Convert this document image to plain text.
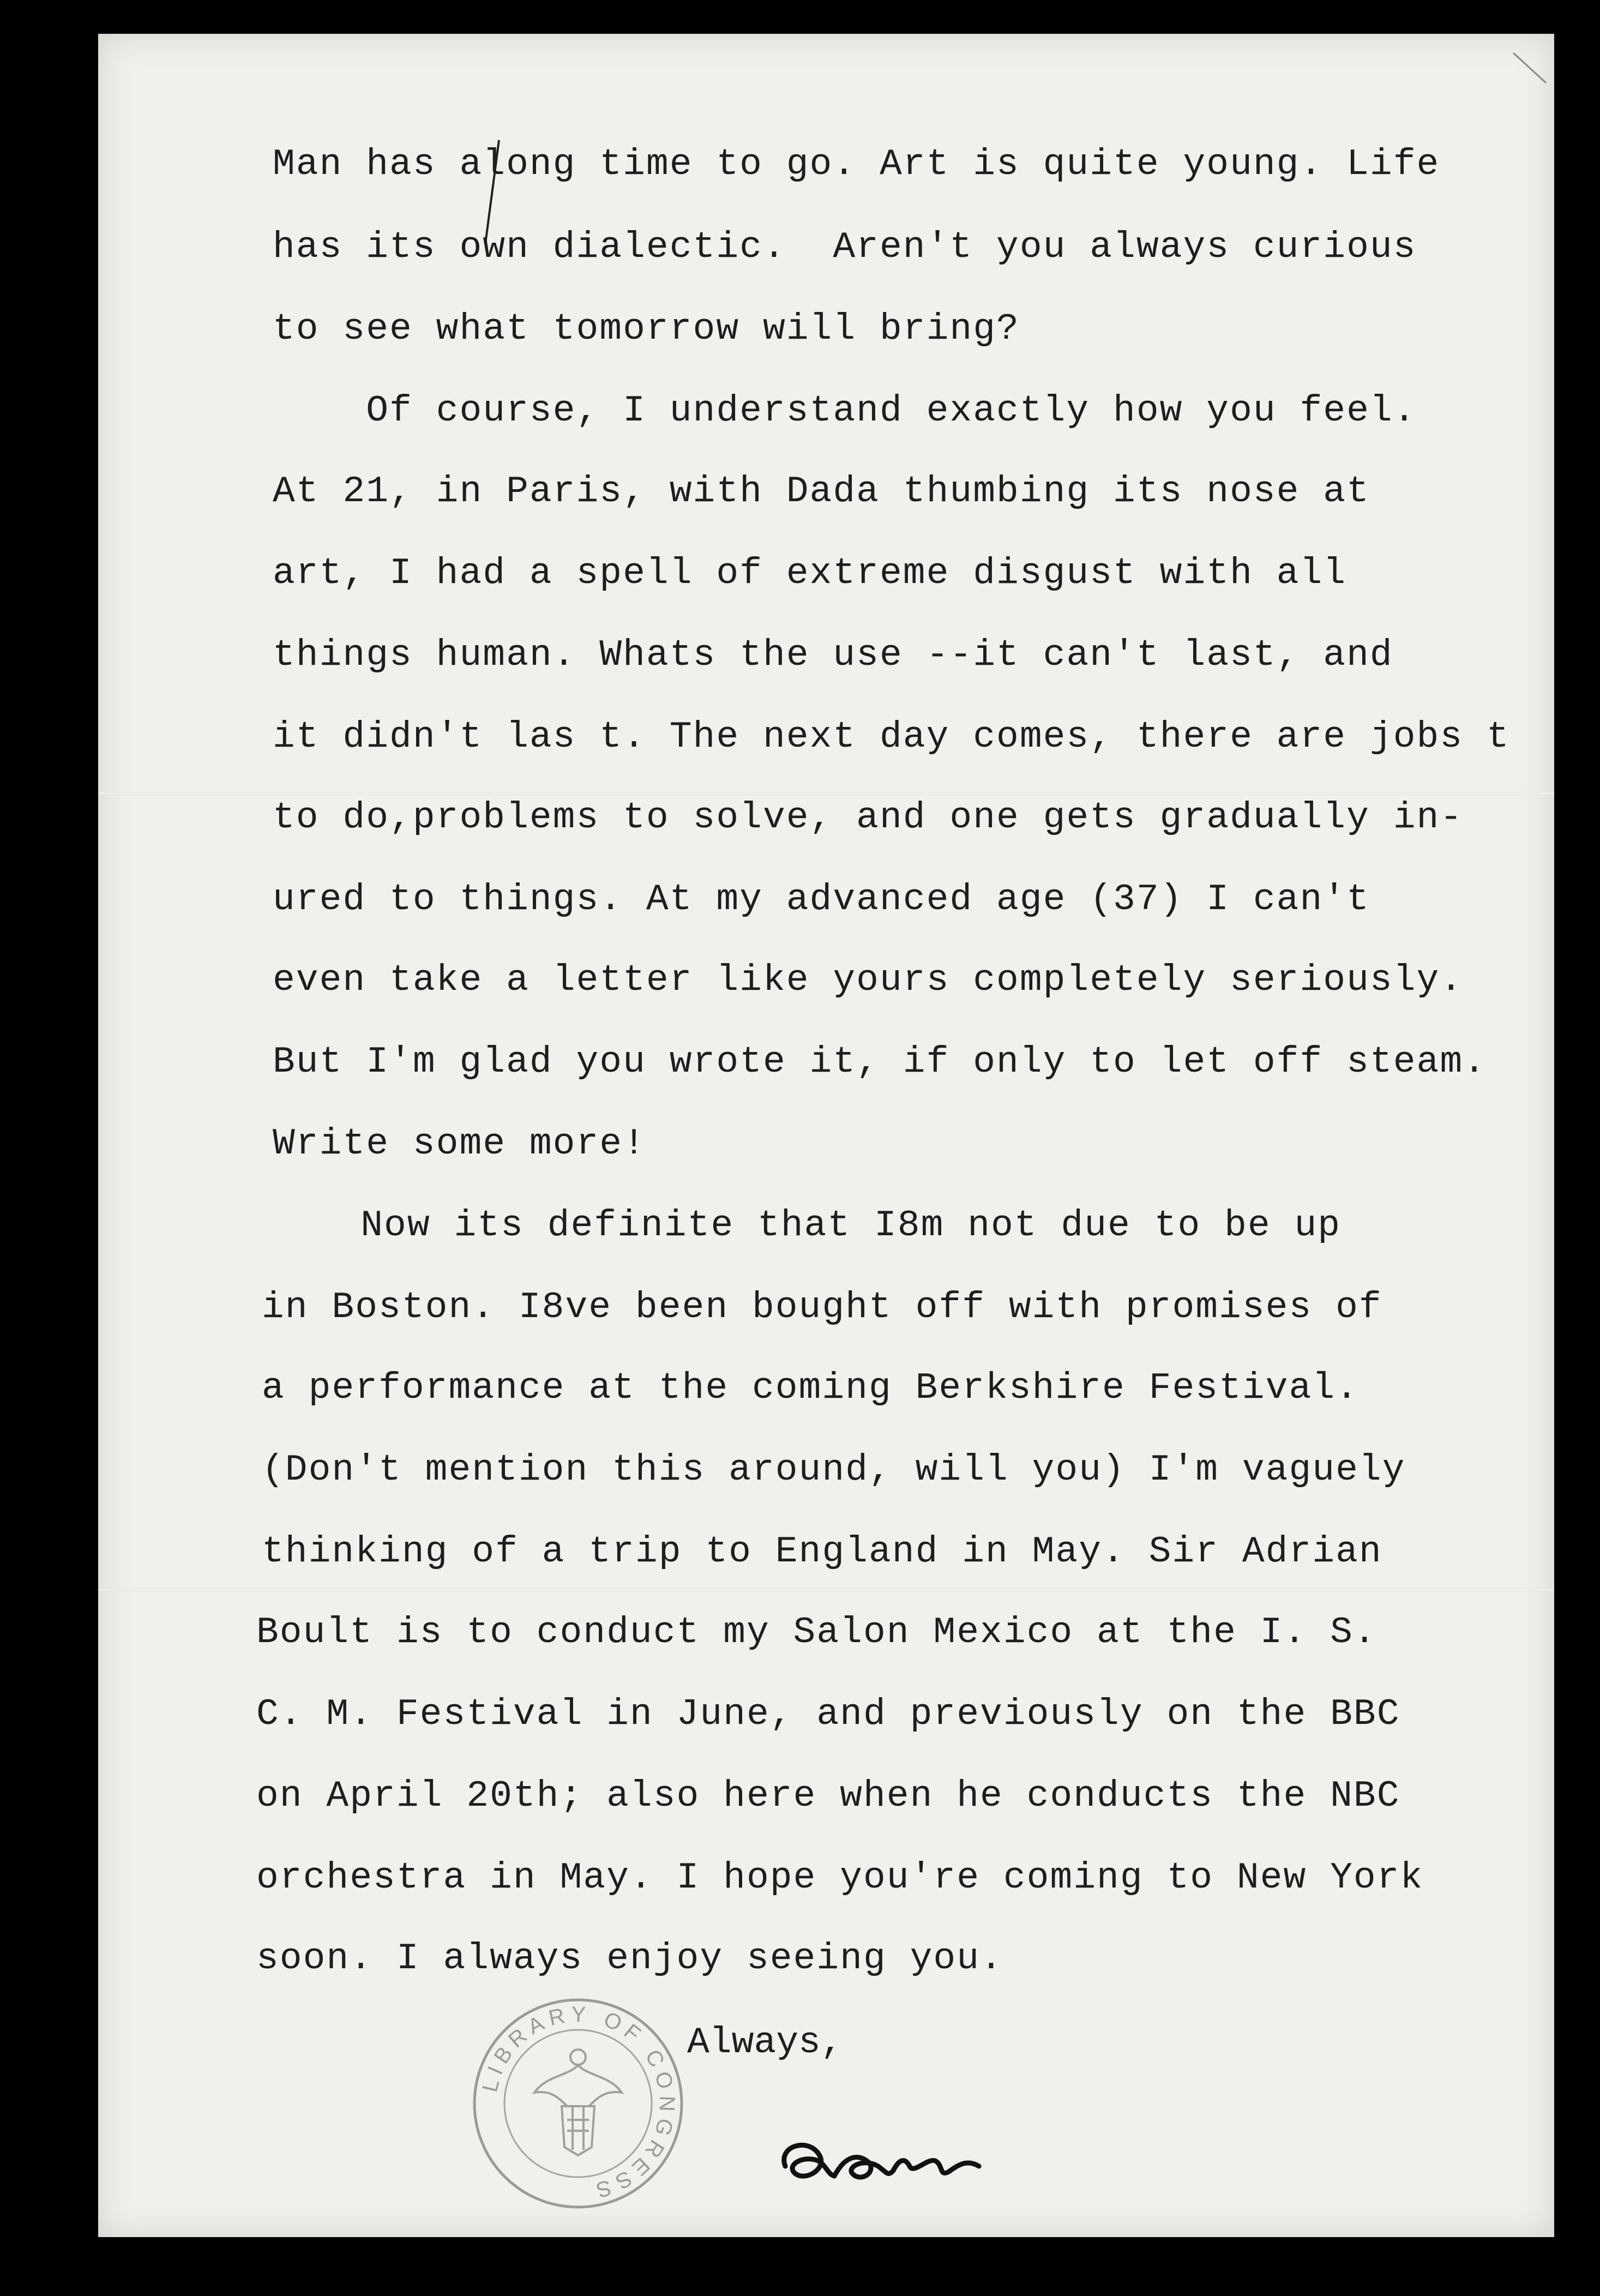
Man has along time to go. Art is quite young. Life
has its own dialectic.  Aren't you always curious
to see what tomorrow will bring?
Of course, I understand exactly how you feel.
At 21, in Paris, with Dada thumbing its nose at
art, I had a spell of extreme disgust with all
things human. Whats the use --it can't last, and
it didn't las t. The next day comes, there are jobs t
to do,problems to solve, and one gets gradually in-
ured to things. At my advanced age (37) I can't
even take a letter like yours completely seriously.
But I'm glad you wrote it, if only to let off steam.
Write some more!
Now its definite that I8m not due to be up
in Boston. I8ve been bought off with promises of
a performance at the coming Berkshire Festival.
(Don't mention this around, will you) I'm vaguely
thinking of a trip to England in May. Sir Adrian
Boult is to conduct my Salon Mexico at the I. S.
C. M. Festival in June, and previously on the BBC
on April 20th; also here when he conducts the NBC
orchestra in May. I hope you're coming to New York
soon. I always enjoy seeing you.
Always,
LIBRARY OF CONGRESS
